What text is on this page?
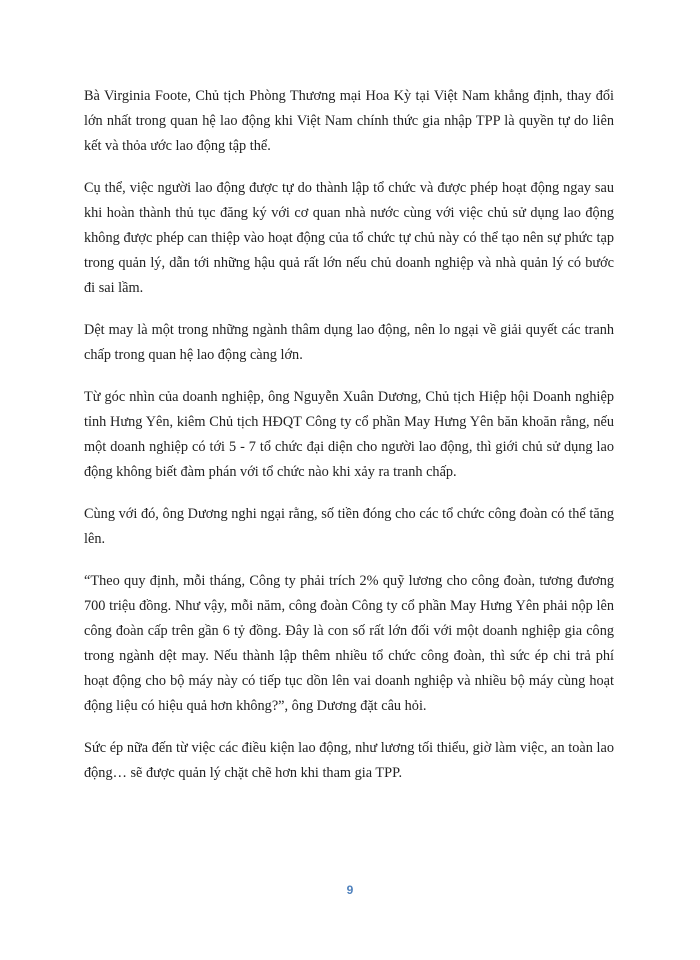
Bà Virginia Foote, Chủ tịch Phòng Thương mại Hoa Kỳ tại Việt Nam khẳng định, thay đổi lớn nhất trong quan hệ lao động khi Việt Nam chính thức gia nhập TPP là quyền tự do liên kết và thỏa ước lao động tập thể.

Cụ thể, việc người lao động được tự do thành lập tổ chức và được phép hoạt động ngay sau khi hoàn thành thủ tục đăng ký với cơ quan nhà nước cùng với việc chủ sử dụng lao động không được phép can thiệp vào hoạt động của tổ chức tự chủ này có thể tạo nên sự phức tạp trong quản lý, dẫn tới những hậu quả rất lớn nếu chủ doanh nghiệp và nhà quản lý có bước đi sai lầm.

Dệt may là một trong những ngành thâm dụng lao động, nên lo ngại về giải quyết các tranh chấp trong quan hệ lao động càng lớn.

Từ góc nhìn của doanh nghiệp, ông Nguyễn Xuân Dương, Chủ tịch Hiệp hội Doanh nghiệp tỉnh Hưng Yên, kiêm Chủ tịch HĐQT Công ty cổ phần May Hưng Yên băn khoăn rằng, nếu một doanh nghiệp có tới 5 - 7 tổ chức đại diện cho người lao động, thì giới chủ sử dụng lao động không biết đàm phán với tổ chức nào khi xảy ra tranh chấp.

Cùng với đó, ông Dương nghi ngại rằng, số tiền đóng cho các tổ chức công đoàn có thể tăng lên.

“Theo quy định, mỗi tháng, Công ty phải trích 2% quỹ lương cho công đoàn, tương đương 700 triệu đồng. Như vậy, mỗi năm, công đoàn Công ty cổ phần May Hưng Yên phải nộp lên công đoàn cấp trên gần 6 tỷ đồng. Đây là con số rất lớn đối với một doanh nghiệp gia công trong ngành dệt may. Nếu thành lập thêm nhiều tổ chức công đoàn, thì sức ép chi trả phí hoạt động cho bộ máy này có tiếp tục dồn lên vai doanh nghiệp và nhiều bộ máy cùng hoạt động liệu có hiệu quả hơn không?”, ông Dương đặt câu hỏi.

Sức ép nữa đến từ việc các điều kiện lao động, như lương tối thiểu, giờ làm việc, an toàn lao động… sẽ được quản lý chặt chẽ hơn khi tham gia TPP.

9
